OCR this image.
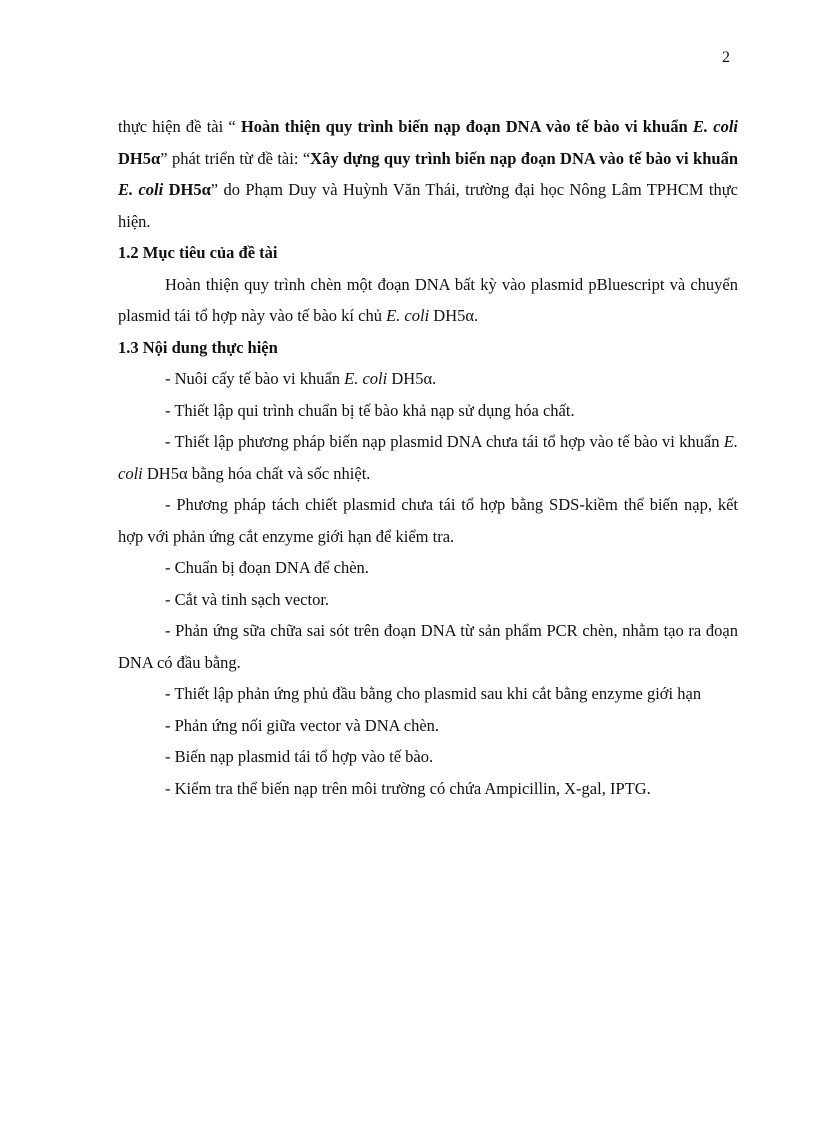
2

thực hiện đề tài “ Hoàn thiện quy trình biến nạp đoạn DNA vào tế bào vi khuẩn E. coli DH5α” phát triển từ đề tài: “Xây dựng quy trình biến nạp đoạn DNA vào tế bào vi khuẩn E. coli DH5α” do Phạm Duy và Huỳnh Văn Thái, trường đại học Nông Lâm TPHCM thực hiện.

1.2 Mục tiêu của đề tài

Hoàn thiện quy trình chèn một đoạn DNA bất kỳ vào plasmid pBluescript và chuyển plasmid tái tổ hợp này vào tế bào kí chủ E. coli DH5α.

1.3 Nội dung thực hiện

- Nuôi cấy tế bào vi khuẩn E. coli DH5α.
- Thiết lập qui trình chuẩn bị tế bào khả nạp sử dụng hóa chất.
- Thiết lập phương pháp biến nạp plasmid DNA chưa tái tổ hợp vào tế bào vi khuẩn E. coli DH5α bằng hóa chất và sốc nhiệt.
- Phương pháp tách chiết plasmid chưa tái tổ hợp bằng SDS-kiềm thể biến nạp, kết hợp với phản ứng cắt enzyme giới hạn để kiểm tra.
- Chuẩn bị đoạn DNA để chèn.
- Cắt và tinh sạch vector.
- Phản ứng sữa chữa sai sót trên đoạn DNA từ sản phẩm PCR chèn, nhằm tạo ra đoạn DNA có đầu bằng.
- Thiết lập phản ứng phủ đầu bằng cho plasmid sau khi cắt bằng enzyme giới hạn
- Phản ứng nối giữa vector và DNA chèn.
- Biến nạp plasmid tái tổ hợp vào tế bào.
- Kiểm tra thể biến nạp trên môi trường có chứa Ampicillin, X-gal, IPTG.
